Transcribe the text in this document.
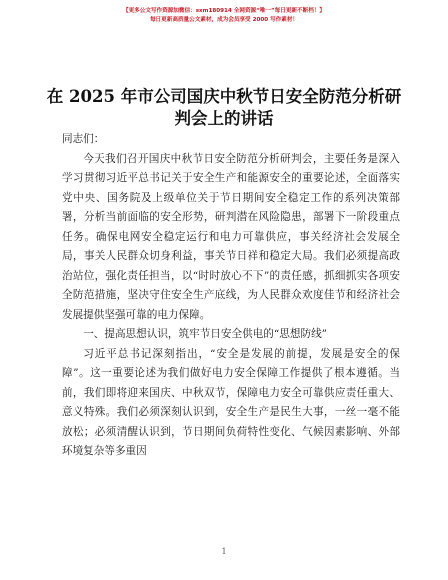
【更多公文写作资源加微信：sxm180914 全网资源“唯一”每日更新不断档！】
每日更新高质量公文素材，成为会员享受 2000 写作素材！
在 2025 年市公司国庆中秋节日安全防范分析研判会上的讲话

同志们：

今天我们召开国庆中秋节日安全防范分析研判会，主要任务是深入学习贯彻习近平总书记关于安全生产和能源安全的重要论述，全面落实党中央、国务院及上级单位关于节日期间安全稳定工作的系列决策部署，分析当前面临的安全形势，研判潜在风险隐患，部署下一阶段重点任务。确保电网安全稳定运行和电力可靠供应，事关经济社会发展全局，事关人民群众切身利益，事关节日祥和稳定大局。我们必须提高政治站位，强化责任担当，以“时时放心不下”的责任感，抓细抓实各项安全防范措施，坚决守住安全生产底线，为人民群众欢度佳节和经济社会发展提供坚强可靠的电力保障。

一、提高思想认识，筑牢节日安全供电的“思想防线”

习近平总书记深刻指出，“安全是发展的前提，发展是安全的保障”。这一重要论述为我们做好电力安全保障工作提供了根本遵循。当前，我们即将迎来国庆、中秋双节，保障电力安全可靠供应责任重大、意义特殊。我们必须深刻认识到，安全生产是民生大事，一丝一毫不能放松；必须清醒认识到，节日期间负荷特性变化、气候因素影响、外部环境复杂等多重因

1
